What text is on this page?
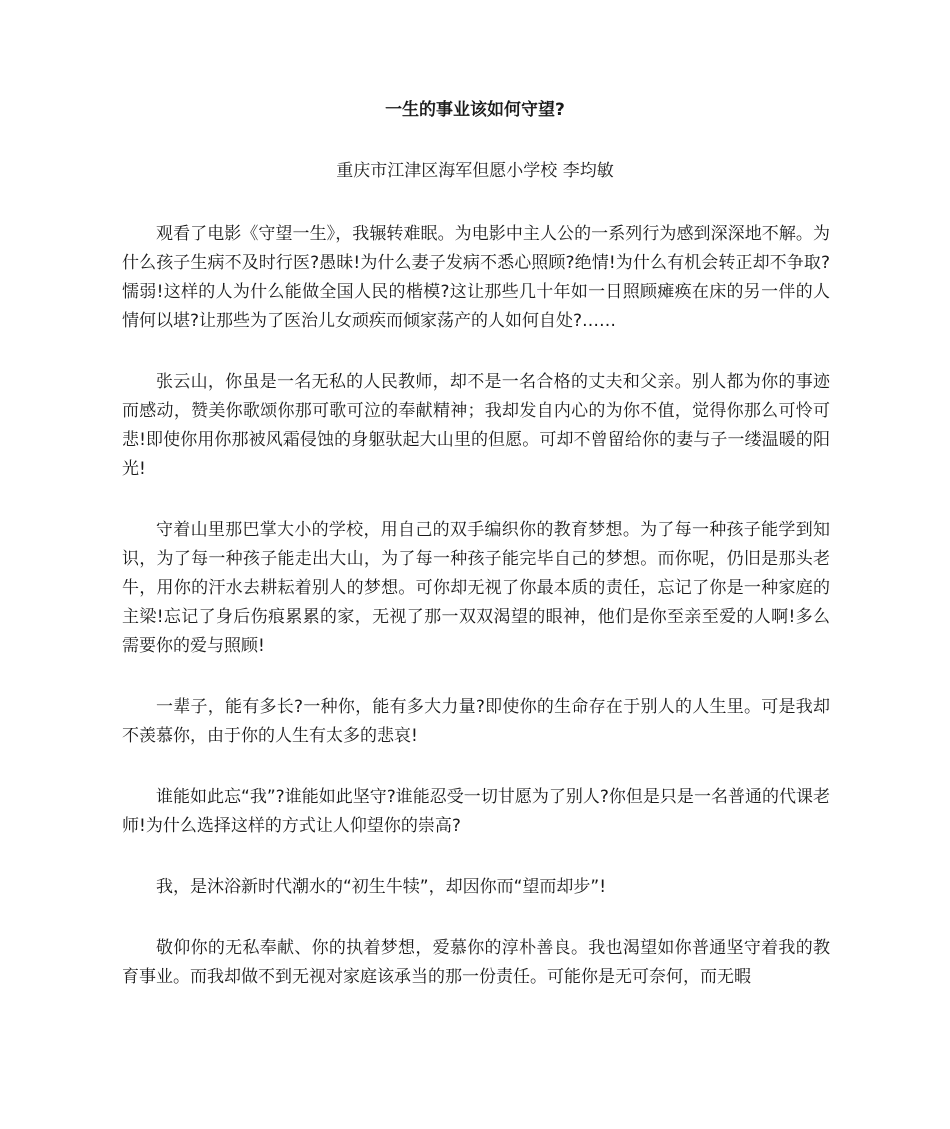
一生的事业该如何守望?

重庆市江津区海军但愿小学校 李均敏

观看了电影《守望一生》，我辗转难眠。为电影中主人公的一系列行为感到深深地不解。为什么孩子生病不及时行医?愚昧!为什么妻子发病不悉心照顾?绝情!为什么有机会转正却不争取?懦弱!这样的人为什么能做全国人民的楷模?这让那些几十年如一日照顾瘫痪在床的另一伴的人情何以堪?让那些为了医治儿女顽疾而倾家荡产的人如何自处?……

张云山，你虽是一名无私的人民教师，却不是一名合格的丈夫和父亲。别人都为你的事迹而感动，赞美你歌颂你那可歌可泣的奉献精神；我却发自内心的为你不值，觉得你那么可怜可悲!即使你用你那被风霜侵蚀的身躯驮起大山里的但愿。可却不曾留给你的妻与子一缕温暖的阳光!

守着山里那巴掌大小的学校，用自己的双手编织你的教育梦想。为了每一种孩子能学到知识，为了每一种孩子能走出大山，为了每一种孩子能完毕自己的梦想。而你呢，仍旧是那头老牛，用你的汗水去耕耘着别人的梦想。可你却无视了你最本质的责任，忘记了你是一种家庭的主梁!忘记了身后伤痕累累的家，无视了那一双双渴望的眼神，他们是你至亲至爱的人啊!多么需要你的爱与照顾!

一辈子，能有多长?一种你，能有多大力量?即使你的生命存在于别人的人生里。可是我却不羡慕你，由于你的人生有太多的悲哀!

谁能如此忘“我”?谁能如此坚守?谁能忍受一切甘愿为了别人?你但是只是一名普通的代课老师!为什么选择这样的方式让人仰望你的崇高?

我，是沐浴新时代潮水的“初生牛犊”，却因你而“望而却步”!

敬仰你的无私奉献、你的执着梦想，爱慕你的淳朴善良。我也渴望如你普通坚守着我的教育事业。而我却做不到无视对家庭该承当的那一份责任。可能你是无可奈何，而无暇
